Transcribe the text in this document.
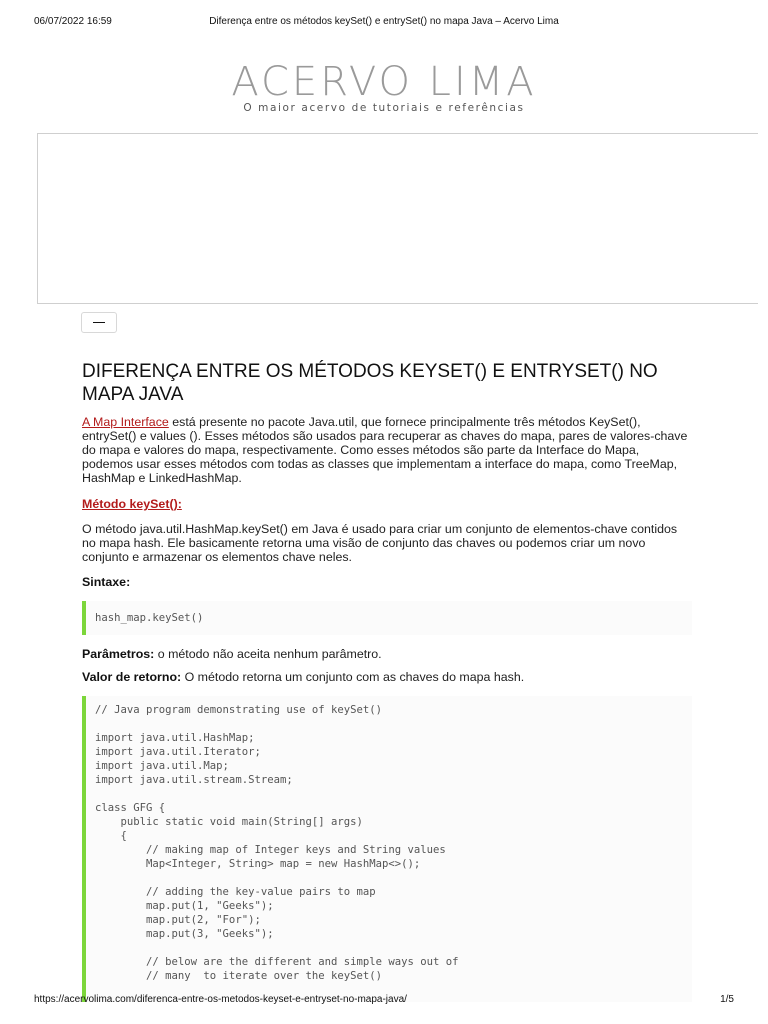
06/07/2022 16:59	Diferença entre os métodos keySet() e entrySet() no mapa Java – Acervo Lima
ACERVO LIMA
O maior acervo de tutoriais e referências
DIFERENÇA ENTRE OS MÉTODOS KEYSET() E ENTRYSET() NO MAPA JAVA

A Map Interface está presente no pacote Java.util, que fornece principalmente três métodos KeySet(), entrySet() e values (). Esses métodos são usados para recuperar as chaves do mapa, pares de valores-chave do mapa e valores do mapa, respectivamente. Como esses métodos são parte da Interface do Mapa, podemos usar esses métodos com todas as classes que implementam a interface do mapa, como TreeMap, HashMap e LinkedHashMap.

Método keySet():

O método java.util.HashMap.keySet() em Java é usado para criar um conjunto de elementos-chave contidos no mapa hash. Ele basicamente retorna uma visão de conjunto das chaves ou podemos criar um novo conjunto e armazenar os elementos chave neles.

Sintaxe:

hash_map.keySet()

Parâmetros: o método não aceita nenhum parâmetro.

Valor de retorno: O método retorna um conjunto com as chaves do mapa hash.

// Java program demonstrating use of keySet()
import java.util.HashMap;
import java.util.Iterator;
import java.util.Map;
import java.util.stream.Stream;
class GFG {
public static void main(String[] args)
{
// making map of Integer keys and String values
Map<Integer, String> map = new HashMap<>();
// adding the key-value pairs to map
map.put(1, "Geeks");
map.put(2, "For");
map.put(3, "Geeks");
// below are the different and simple ways out of
// many  to iterate over the keySet()
https://acervolima.com/diferenca-entre-os-metodos-keyset-e-entryset-no-mapa-java/	1/5
